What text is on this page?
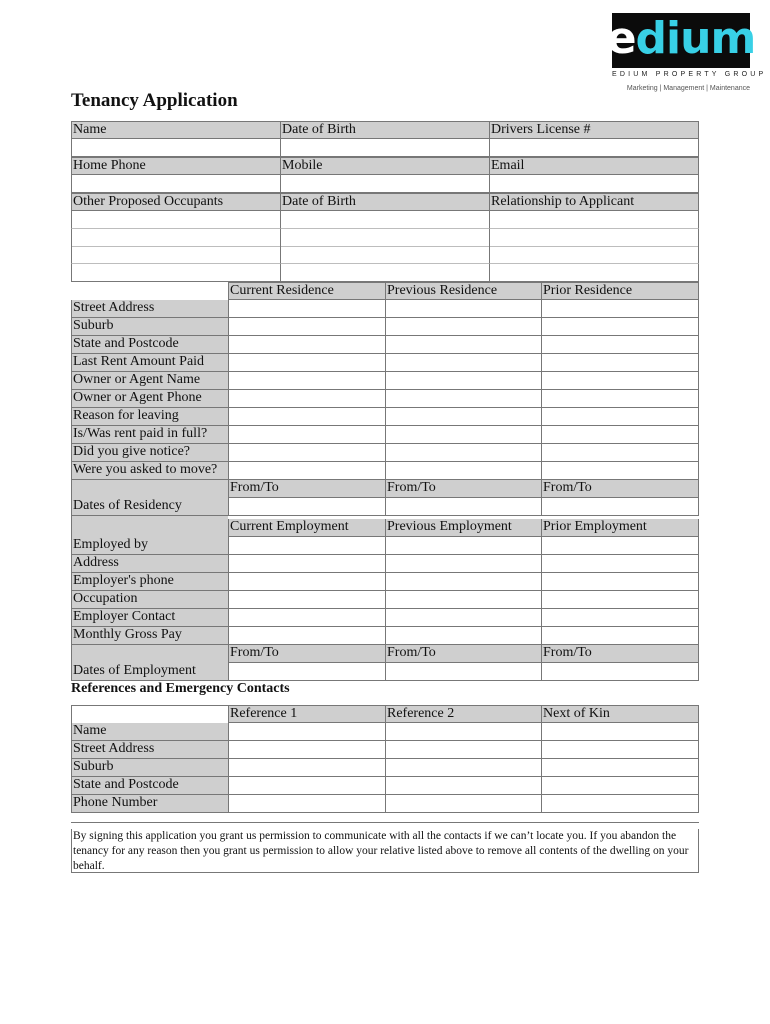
edium
EDIUM PROPERTY GROUP
Marketing | Management | Maintenance
Tenancy Application
Name	Date of Birth	Drivers License #
Home Phone	Mobile	Email
Other Proposed Occupants	Date of Birth	Relationship to Applicant
Current Residence	Previous Residence	Prior Residence
Street Address
Suburb
State and Postcode
Last Rent Amount Paid
Owner or Agent Name
Owner or Agent Phone
Reason for leaving
Is/Was rent paid in full?
Did you give notice?
Were you asked to move?
From/To	From/To	From/To
Dates of Residency
Current Employment	Previous Employment	Prior Employment
Employed by
Address
Employer's phone
Occupation
Employer Contact
Monthly Gross Pay
From/To	From/To	From/To
Dates of Employment
Reference 1	Reference 2	Next of Kin
Name
Street Address
Suburb
State and Postcode
Phone Number
References and Emergency Contacts
By signing this application you grant us permission to communicate with all the contacts if we can’t locate you. If you abandon the tenancy for any reason then you grant us permission to allow your relative listed above to remove all contents of the dwelling on your behalf.
